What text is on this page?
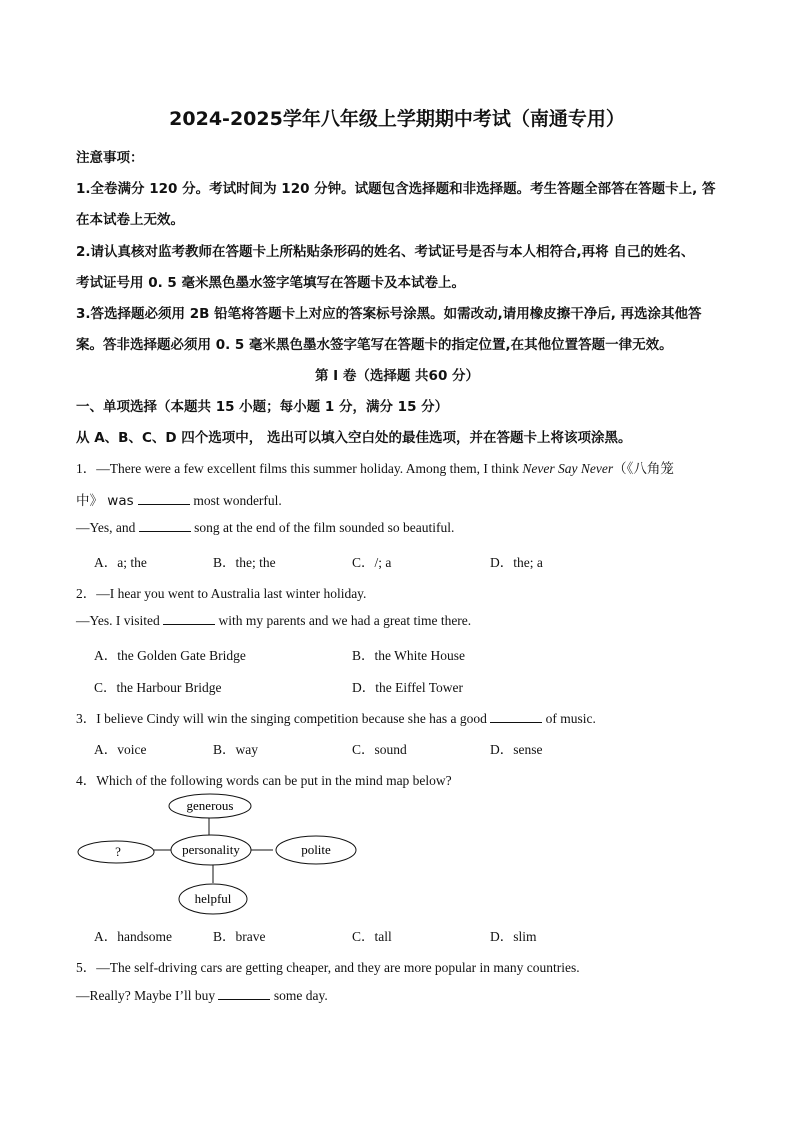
2024-2025学年八年级上学期期中考试（南通专用）
注意事项：
1.全卷满分 120 分。考试时间为 120 分钟。试题包含选择题和非选择题。考生答题全部答在答题卡上, 答
在本试卷上无效。
2.请认真核对监考教师在答题卡上所粘贴条形码的姓名、考试证号是否与本人相符合,再将 自己的姓名、
考试证号用 0. 5 毫米黑色墨水签字笔填写在答题卡及本试卷上。
3.答选择题必须用 2B 铅笔将答题卡上对应的答案标号涂黑。如需改动,请用橡皮擦干净后, 再选涂其他答
案。答非选择题必须用 0. 5 毫米黑色墨水签字笔写在答题卡的指定位置,在其他位置答题一律无效。
第 I 卷（选择题 共60 分）
一、单项选择（本题共 15 小题；每小题 1 分，满分 15 分）
从 A、B、C、D 四个选项中， 选出可以填入空白处的最佳选项，并在答题卡上将该项涂黑。
1．—There were a few excellent films this summer holiday. Among them, I think Never Say Never（《八角笼
中》 was	most wonderful.
—Yes, and	song at the end of the film sounded so beautiful.
A．a; the	B．the; the	C．/; a	D．the; a
2．—I hear you went to Australia last winter holiday.
—Yes. I visited	with my parents and we had a great time there.
A．the Golden Gate Bridge	B．the White House
C．the Harbour Bridge	D．the Eiffel Tower
3．I believe Cindy will win the singing competition because she has a good	of music.
A．voice	B．way	C．sound	D．sense
4．Which of the following words can be put in the mind map below?
generous
personality
?	polite
helpful
A．handsome	B．brave	C．tall	D．slim
5．—The self-driving cars are getting cheaper, and they are more popular in many countries.
—Really? Maybe I’ll buy	some day.
